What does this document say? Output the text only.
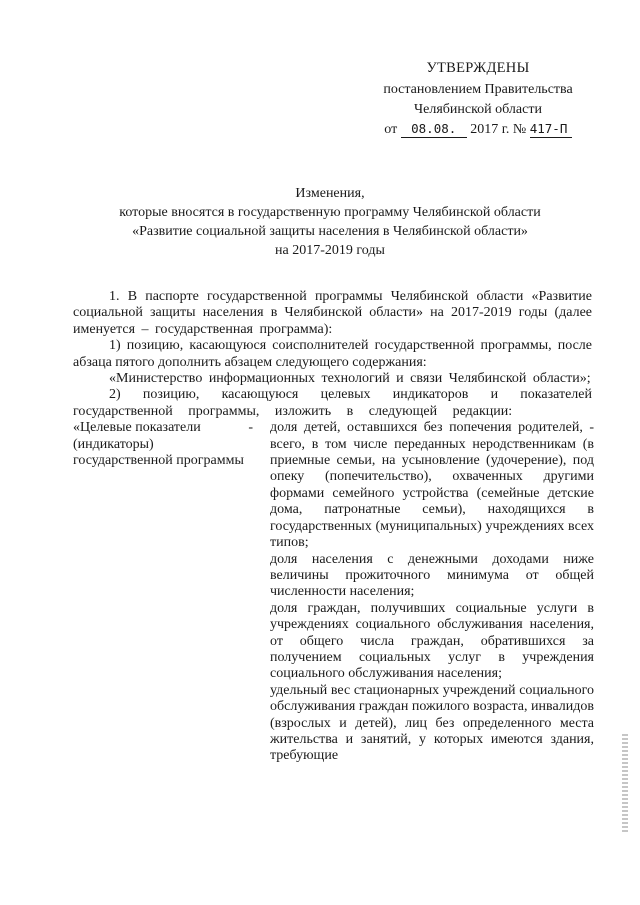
УТВЕРЖДЕНЫ
постановлением Правительства
Челябинской области
от 08.08. 2017 г. № 417-П
Изменения,
которые вносятся в государственную программу Челябинской области
«Развитие социальной защиты населения в Челябинской области»
на 2017-2019 годы

1. В паспорте государственной программы Челябинской области «Развитие социальной защиты населения в Челябинской области» на 2017-2019 годы (далее именуется – государственная программа):

1) позицию, касающуюся соисполнителей государственной программы, после абзаца пятого дополнить абзацем следующего содержания:

«Министерство информационных технологий и связи Челябинской области»;

2) позицию, касающуюся целевых индикаторов и показателей государственной программы, изложить в следующей редакции:

«Целевые показатели (индикаторы) государственной программы
- доля детей, оставшихся без попечения родителей, - всего, в том числе переданных неродственникам (в приемные семьи, на усыновление (удочерение), под опеку (попечительство), охваченных другими формами семейного устройства (семейные детские дома, патронатные семьи), находящихся в государственных (муниципальных) учреждениях всех типов;

доля населения с денежными доходами ниже величины прожиточного минимума от общей численности населения;

доля граждан, получивших социальные услуги в учреждениях социального обслуживания населения, от общего числа граждан, обратившихся за получением социальных услуг в учреждения социального обслуживания населения;

удельный вес стационарных учреждений социального обслуживания граждан пожилого возраста, инвалидов (взрослых и детей), лиц без определенного места жительства и занятий, у которых имеются здания, требующие
